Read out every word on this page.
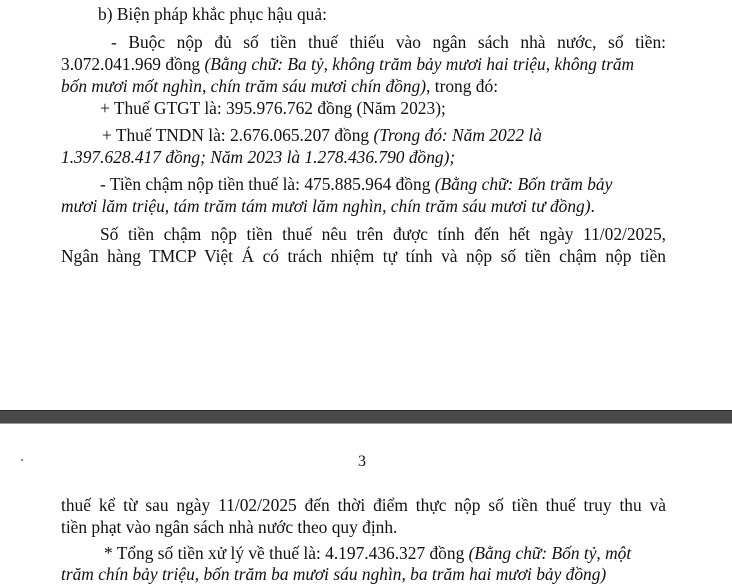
b) Biện pháp khắc phục hậu quả:
- Buộc nộp đủ số tiền thuế thiếu vào ngân sách nhà nước, số tiền:
3.072.041.969 đồng (Bằng chữ: Ba tỷ, không trăm bảy mươi hai triệu, không trăm
bốn mươi mốt nghìn, chín trăm sáu mươi chín đồng), trong đó:
+ Thuế GTGT là: 395.976.762 đồng (Năm 2023);
+ Thuế TNDN là: 2.676.065.207 đồng (Trong đó: Năm 2022 là
1.397.628.417 đồng; Năm 2023 là 1.278.436.790 đồng);
- Tiền chậm nộp tiền thuế là: 475.885.964 đồng (Bằng chữ: Bốn trăm bảy
mươi lăm triệu, tám trăm tám mươi lăm nghìn, chín trăm sáu mươi tư đồng).
Số tiền chậm nộp tiền thuế nêu trên được tính đến hết ngày 11/02/2025,
Ngân hàng TMCP Việt Á có trách nhiệm tự tính và nộp số tiền chậm nộp tiền
3
thuế kể từ sau ngày 11/02/2025 đến thời điểm thực nộp số tiền thuế truy thu và
tiền phạt vào ngân sách nhà nước theo quy định.
* Tổng số tiền xử lý về thuế là: 4.197.436.327 đồng (Bằng chữ: Bốn tỷ, một
trăm chín bảy triệu, bốn trăm ba mươi sáu nghìn, ba trăm hai mươi bảy đồng)
